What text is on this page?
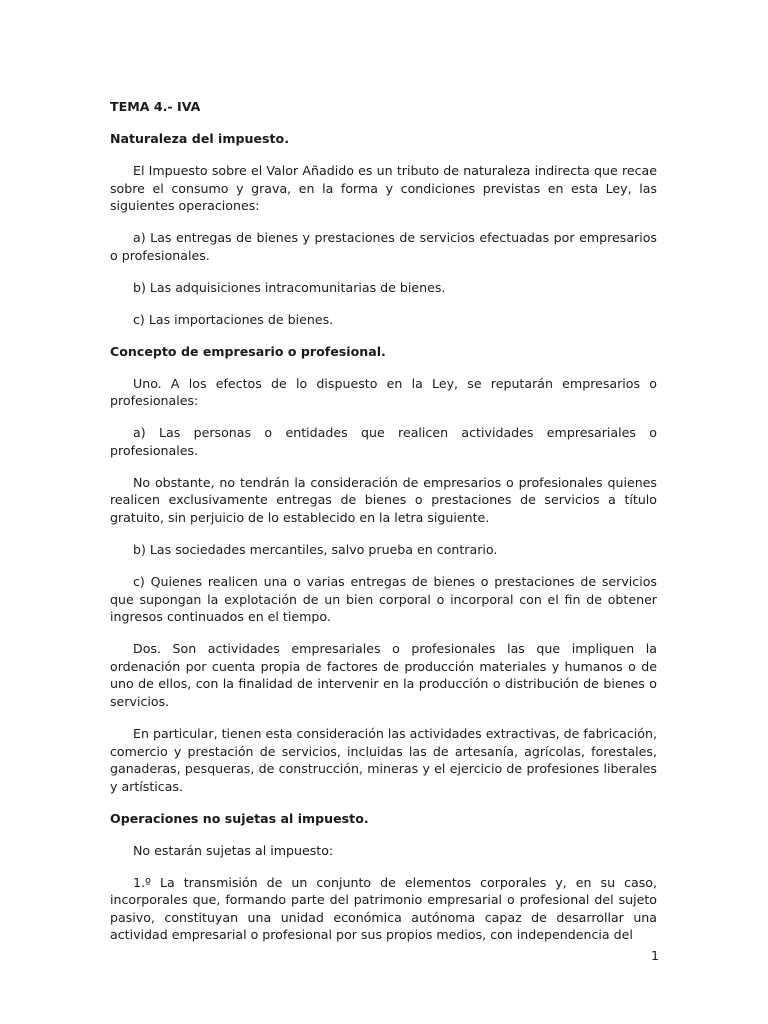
TEMA 4.- IVA
Naturaleza del impuesto.
El Impuesto sobre el Valor Añadido es un tributo de naturaleza indirecta que recae sobre el consumo y grava, en la forma y condiciones previstas en esta Ley, las siguientes operaciones:
a) Las entregas de bienes y prestaciones de servicios efectuadas por empresarios o profesionales.
b) Las adquisiciones intracomunitarias de bienes.
c) Las importaciones de bienes.
Concepto de empresario o profesional.
Uno. A los efectos de lo dispuesto en la Ley, se reputarán empresarios o profesionales:
a) Las personas o entidades que realicen actividades empresariales o profesionales.
No obstante, no tendrán la consideración de empresarios o profesionales quienes realicen exclusivamente entregas de bienes o prestaciones de servicios a título gratuito, sin perjuicio de lo establecido en la letra siguiente.
b) Las sociedades mercantiles, salvo prueba en contrario.
c) Quienes realicen una o varias entregas de bienes o prestaciones de servicios que supongan la explotación de un bien corporal o incorporal con el fin de obtener ingresos continuados en el tiempo.
Dos. Son actividades empresariales o profesionales las que impliquen la ordenación por cuenta propia de factores de producción materiales y humanos o de uno de ellos, con la finalidad de intervenir en la producción o distribución de bienes o servicios.
En particular, tienen esta consideración las actividades extractivas, de fabricación, comercio y prestación de servicios, incluidas las de artesanía, agrícolas, forestales, ganaderas, pesqueras, de construcción, mineras y el ejercicio de profesiones liberales y artísticas.
Operaciones no sujetas al impuesto.
No estarán sujetas al impuesto:
1.º La transmisión de un conjunto de elementos corporales y, en su caso, incorporales que, formando parte del patrimonio empresarial o profesional del sujeto pasivo, constituyan una unidad económica autónoma capaz de desarrollar una actividad empresarial o profesional por sus propios medios, con independencia del
1
